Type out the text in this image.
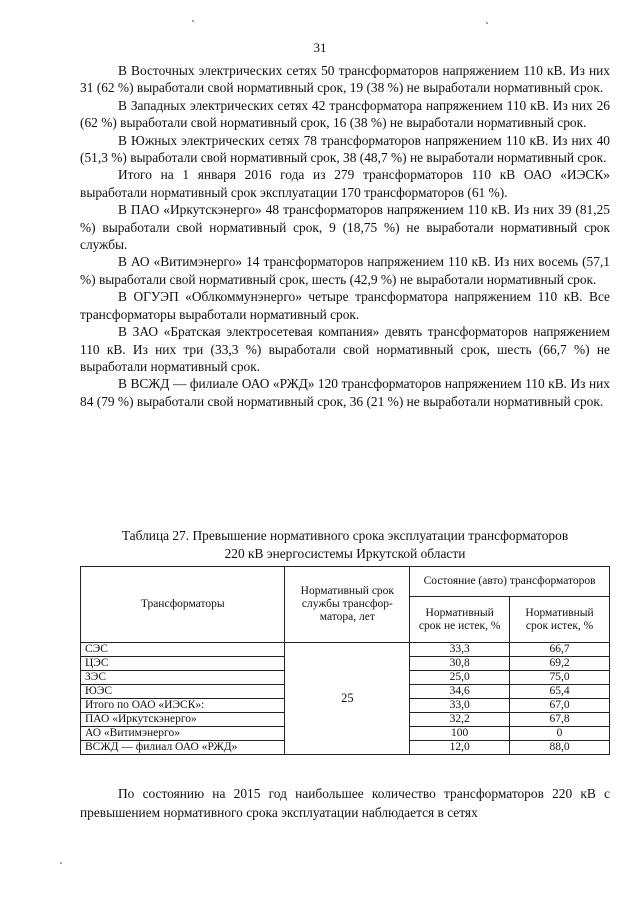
31

В Восточных электрических сетях 50 трансформаторов напряжением 110 кВ. Из них 31 (62 %) выработали свой нормативный срок, 19 (38 %) не выработали нормативный срок.

В Западных электрических сетях 42 трансформатора напряжением 110 кВ. Из них 26 (62 %) выработали свой нормативный срок, 16 (38 %) не выработали нормативный срок.

В Южных электрических сетях 78 трансформаторов напряжением 110 кВ. Из них 40 (51,3 %) выработали свой нормативный срок, 38 (48,7 %) не выработали нормативный срок.

Итого на 1 января 2016 года из 279 трансформаторов 110 кВ ОАО «ИЭСК» выработали нормативный срок эксплуатации 170 трансформаторов (61 %).

В ПАО «Иркутскэнерго» 48 трансформаторов напряжением 110 кВ. Из них 39 (81,25 %) выработали свой нормативный срок, 9 (18,75 %) не выработали нормативный срок службы.

В АО «Витимэнерго» 14 трансформаторов напряжением 110 кВ. Из них восемь (57,1 %) выработали свой нормативный срок, шесть (42,9 %) не выработали нормативный срок.

В ОГУЭП «Облкоммунэнерго» четыре трансформатора напряжением 110 кВ. Все трансформаторы выработали нормативный срок.

В ЗАО «Братская электросетевая компания» девять трансформаторов напряжением 110 кВ. Из них три (33,3 %) выработали свой нормативный срок, шесть (66,7 %) не выработали нормативный срок.

В ВСЖД — филиале ОАО «РЖД» 120 трансформаторов напряжением 110 кВ. Из них 84 (79 %) выработали свой нормативный срок, 36 (21 %) не выработали нормативный срок.

Таблица 27. Превышение нормативного срока эксплуатации трансформаторов
220 кВ энергосистемы Иркутской области
Трансформаторы	Нормативный срок службы трансфор-матора, лет	Состояние (авто) трансформаторов	
		Нормативный срок не истек, %	Нормативный срок истек, %
СЭС	25	33,3	66,7
ЦЭС		30,8	69,2
ЗЭС		25,0	75,0
ЮЭС		34,6	65,4
Итого по ОАО «ИЭСК»:		33,0	67,0
ПАО «Иркутскэнерго»		32,2	67,8
АО «Витимэнерго»		100	0
ВСЖД — филиал ОАО «РЖД»		12,0	88,0

По состоянию на 2015 год наибольшее количество трансформаторов 220 кВ с превышением нормативного срока эксплуатации наблюдается в сетях
